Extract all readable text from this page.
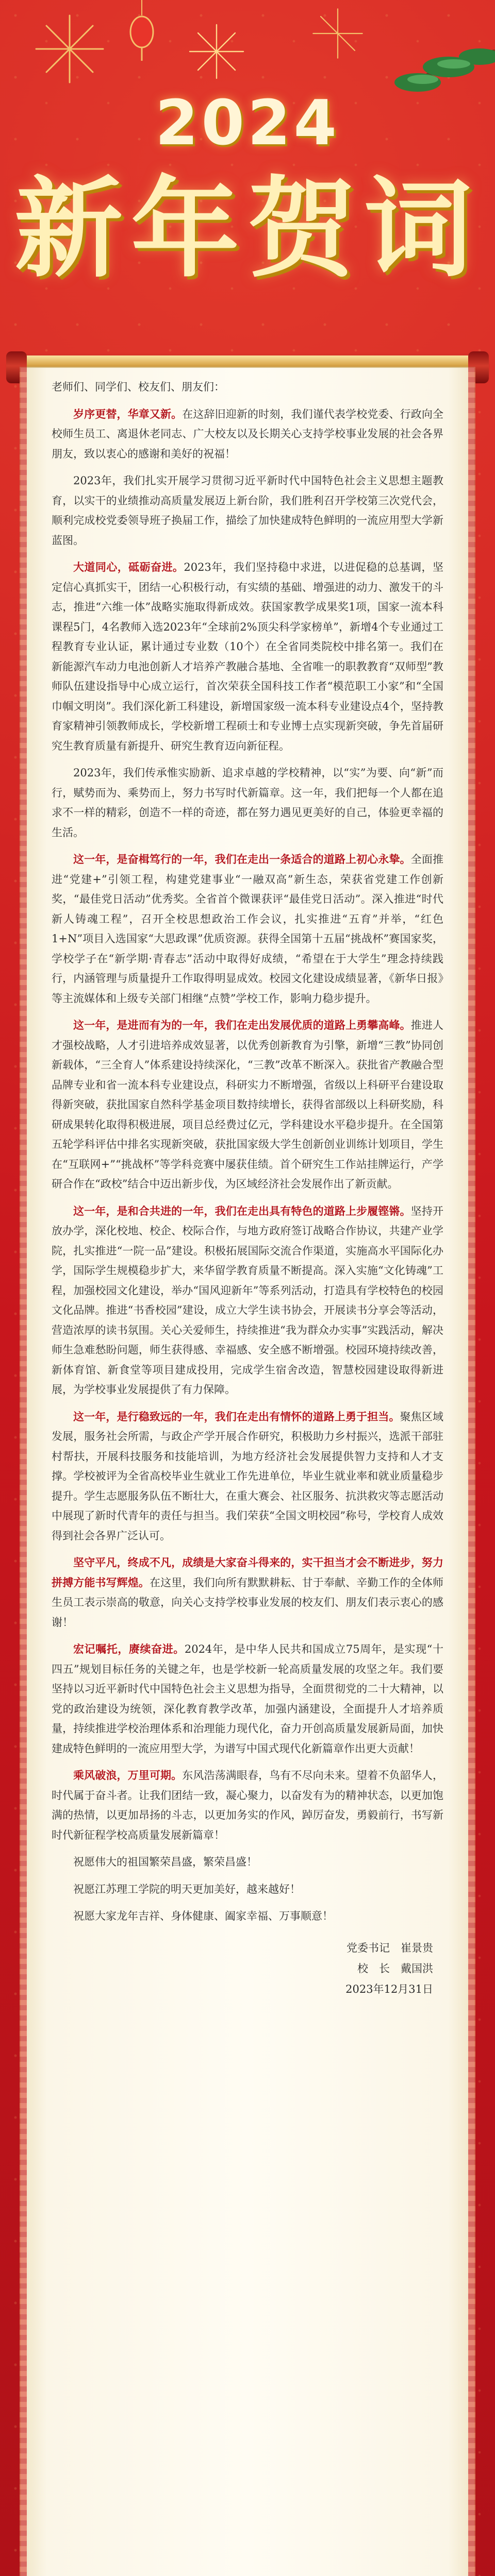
2024
新年贺词

老师们、同学们、校友们、朋友们：

岁序更替，华章又新。在这辞旧迎新的时刻，我们谨代表学校党委、行政向全校师生员工、离退休老同志、广大校友以及长期关心支持学校事业发展的社会各界朋友，致以衷心的感谢和美好的祝福！

2023年，我们扎实开展学习贯彻习近平新时代中国特色社会主义思想主题教育，以实干的业绩推动高质量发展迈上新台阶，我们胜利召开学校第三次党代会，顺利完成校党委领导班子换届工作，描绘了加快建成特色鲜明的一流应用型大学新蓝图。

大道同心，砥砺奋进。2023年，我们坚持稳中求进，以进促稳的总基调，坚定信心真抓实干，团结一心积极行动，有实绩的基础、增强进的动力、激发干的斗志，推进“六维一体”战略实施取得新成效。获国家教学成果奖1项，国家一流本科课程5门，4名教师入选2023年“全球前2%顶尖科学家榜单”，新增4个专业通过工程教育专业认证，累计通过专业数（10个）在全省同类院校中排名第一。我们在新能源汽车动力电池创新人才培养产教融合基地、全省唯一的职教教育“双师型”教师队伍建设指导中心成立运行，首次荣获全国科技工作者“模范职工小家”和“全国巾帼文明岗”。我们深化新工科建设，新增国家级一流本科专业建设点4个，坚持教育家精神引领教师成长，学校新增工程硕士和专业博士点实现新突破，争先首届研究生教育质量有新提升、研究生教育迈向新征程。

2023年，我们传承惟实励新、追求卓越的学校精神，以“实”为要、向“新”而行，赋势而为、乘势而上，努力书写时代新篇章。这一年，我们把每一个人都在追求不一样的精彩，创造不一样的奇迹，都在努力遇见更美好的自己，体验更幸福的生活。

这一年，是奋楫笃行的一年，我们在走出一条适合的道路上初心永挚。全面推进“党建+”引领工程，构建党建事业“一融双高”新生态，荣获省党建工作创新奖，“最佳党日活动”优秀奖。全省首个微课获评“最佳党日活动”。深入推进“时代新人铸魂工程”，召开全校思想政治工作会议，扎实推进“五育”并举，“红色1+N”项目入选国家“大思政课”优质资源。获得全国第十五届“挑战杯”赛国家奖，学校学子在“新学期·青春志”活动中取得好成绩，“希望在于大学生”理念持续践行，内涵管理与质量提升工作取得明显成效。校园文化建设成绩显著，《新华日报》等主流媒体和上级专关部门相继“点赞”学校工作，影响力稳步提升。

这一年，是进而有为的一年，我们在走出发展优质的道路上勇攀高峰。推进人才强校战略，人才引进培养成效显著，以优秀创新教育为引擎，新增“三教”协同创新载体，“三全育人”体系建设持续深化，“三教”改革不断深入。获批省产教融合型品牌专业和省一流本科专业建设点，科研实力不断增强，省级以上科研平台建设取得新突破，获批国家自然科学基金项目数持续增长，获得省部级以上科研奖励，科研成果转化取得积极进展，项目总经费过亿元，学科建设水平稳步提升。在全国第五轮学科评估中排名实现新突破，获批国家级大学生创新创业训练计划项目，学生在“互联网+”“挑战杯”等学科竞赛中屡获佳绩。首个研究生工作站挂牌运行，产学研合作在“政校”结合中迈出新步伐，为区域经济社会发展作出了新贡献。

这一年，是和合共进的一年，我们在走出具有特色的道路上步履铿锵。坚持开放办学，深化校地、校企、校际合作，与地方政府签订战略合作协议，共建产业学院，扎实推进“一院一品”建设。积极拓展国际交流合作渠道，实施高水平国际化办学，国际学生规模稳步扩大，来华留学教育质量不断提高。深入实施“文化铸魂”工程，加强校园文化建设，举办“国风迎新年”等系列活动，打造具有学校特色的校园文化品牌。推进“书香校园”建设，成立大学生读书协会，开展读书分享会等活动，营造浓厚的读书氛围。关心关爱师生，持续推进“我为群众办实事”实践活动，解决师生急难愁盼问题，师生获得感、幸福感、安全感不断增强。校园环境持续改善，新体育馆、新食堂等项目建成投用，完成学生宿舍改造，智慧校园建设取得新进展，为学校事业发展提供了有力保障。

这一年，是行稳致远的一年，我们在走出有情怀的道路上勇于担当。聚焦区域发展，服务社会所需，与政企产学开展合作研究，积极助力乡村振兴，选派干部驻村帮扶，开展科技服务和技能培训，为地方经济社会发展提供智力支持和人才支撑。学校被评为全省高校毕业生就业工作先进单位，毕业生就业率和就业质量稳步提升。学生志愿服务队伍不断壮大，在重大赛会、社区服务、抗洪救灾等志愿活动中展现了新时代青年的责任与担当。我们荣获“全国文明校园”称号，学校育人成效得到社会各界广泛认可。

坚守平凡，终成不凡，成绩是大家奋斗得来的，实干担当才会不断进步，努力拼搏方能书写辉煌。在这里，我们向所有默默耕耘、甘于奉献、辛勤工作的全体师生员工表示崇高的敬意，向关心支持学校事业发展的校友们、朋友们表示衷心的感谢！

宏记嘱托，赓续奋进。2024年，是中华人民共和国成立75周年，是实现“十四五”规划目标任务的关键之年，也是学校新一轮高质量发展的攻坚之年。我们要坚持以习近平新时代中国特色社会主义思想为指导，全面贯彻党的二十大精神，以党的政治建设为统领，深化教育教学改革，加强内涵建设，全面提升人才培养质量，持续推进学校治理体系和治理能力现代化，奋力开创高质量发展新局面，加快建成特色鲜明的一流应用型大学，为谱写中国式现代化新篇章作出更大贡献！

乘风破浪，万里可期。东风浩荡满眼春，鸟有不尽向未来。望着不负韶华人，时代属于奋斗者。让我们团结一致，凝心聚力，以奋发有为的精神状态，以更加饱满的热情，以更加昂扬的斗志，以更加务实的作风，踔厉奋发，勇毅前行，书写新时代新征程学校高质量发展新篇章！

祝愿伟大的祖国繁荣昌盛，繁荣昌盛！

祝愿江苏理工学院的明天更加美好，越来越好！

祝愿大家龙年吉祥、身体健康、阖家幸福、万事顺意！

党委书记　崔景贵
校　长　戴国洪
2023年12月31日
